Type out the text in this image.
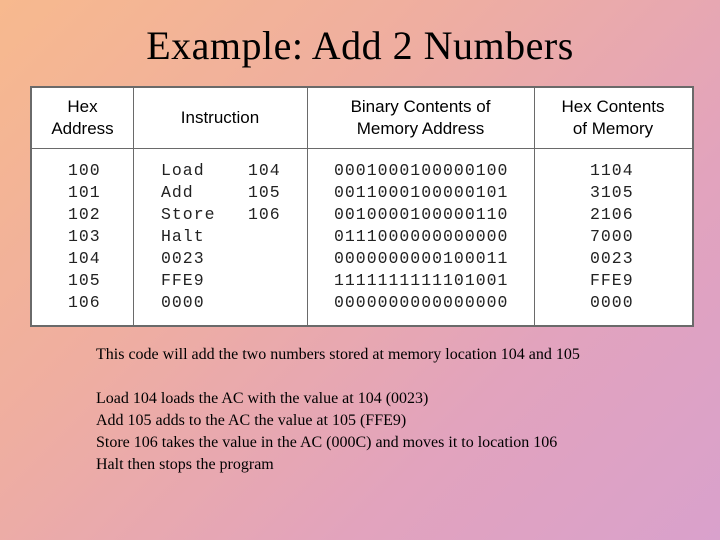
Example: Add 2 Numbers
Hex
Address
Instruction
Binary Contents of
Memory Address
Hex Contents
of Memory
100
101
102
103
104
105
106
Load
Add
Store
Halt
0023
FFE9
0000
104
105
106
0001000100000100
0011000100000101
0010000100000110
0111000000000000
0000000000100011
1111111111101001
0000000000000000
1104
3105
2106
7000
0023
FFE9
0000
This code will add the two numbers stored at memory location 104 and 105
Load 104 loads the AC with the value at 104 (0023)
Add 105 adds to the AC the value at 105 (FFE9)
Store 106 takes the value in the AC (000C) and moves it to location 106
Halt then stops the program
